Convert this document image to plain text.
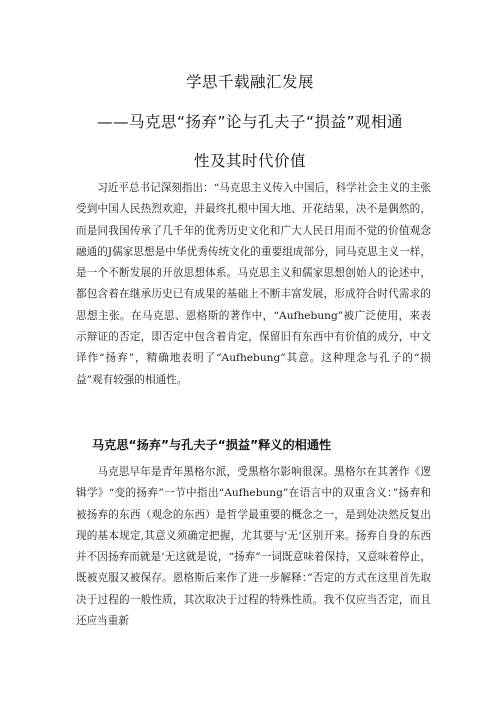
学思千载融汇发展
——马克思“扬弃”论与孔夫子“损益”观相通
性及其时代价值

习近平总书记深刻指出：“马克思主义传入中国后，科学社会主义的主张受到中国人民热烈欢迎，并最终扎根中国大地、开花结果，决不是偶然的，而是同我国传承了几千年的优秀历史文化和广大人民日用而不觉的价值观念融通的J儒家思想是中华优秀传统文化的重要组成部分，同马克思主义一样，是一个不断发展的开放思想体系。马克思主义和儒家思想创始人的论述中，都包含着在继承历史已有成果的基础上不断丰富发展，形成符合时代需求的思想主张。在马克思、恩格斯的著作中，“Aufhebung”被广泛使用，来表示辩证的否定，即否定中包含着肯定，保留旧有东西中有价值的成分，中文译作“扬弃”，精确地表明了“Aufhebung”其意。这种理念与孔子的“损益”观有较强的相通性。

马克思“扬弃”与孔夫子“损益”释义的相通性

马克思早年是青年黑格尔派，受黑格尔影响很深。黑格尔在其著作《逻辑学》“变的扬弃”一节中指出“Aufhebung”在语言中的双重含义：”扬弃和被扬弃的东西（观念的东西）是哲学最重要的概念之一，是到处决然反复出现的基本规定,其意义须确定把握，尤其要与'无’区别开来。扬弃自身的东西并不因扬弃而就是‘无这就是说，“扬弃”一词既意味着保持，又意味着停止，既被克服又被保存。恩格斯后来作了进一步解释：”否定的方式在这里首先取决于过程的一般性质，其次取决于过程的特殊性质。我不仅应当否定，而且还应当重新
